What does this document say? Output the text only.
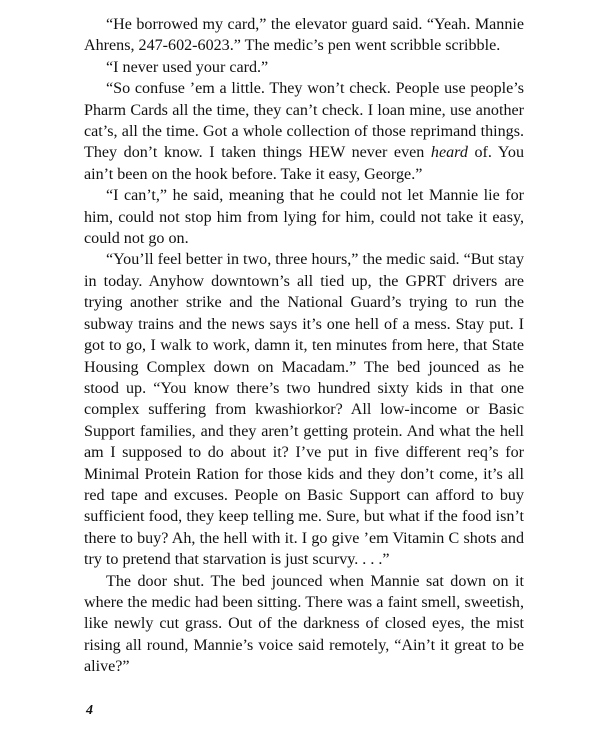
“He borrowed my card,” the elevator guard said. “Yeah. Mannie Ahrens, 247-602-6023.” The medic’s pen went scribble scribble.

“I never used your card.”

“So confuse ’em a little. They won’t check. People use people’s Pharm Cards all the time, they can’t check. I loan mine, use another cat’s, all the time. Got a whole collection of those reprimand things. They don’t know. I taken things HEW never even heard of. You ain’t been on the hook before. Take it easy, George.”

“I can’t,” he said, meaning that he could not let Mannie lie for him, could not stop him from lying for him, could not take it easy, could not go on.

“You’ll feel better in two, three hours,” the medic said. “But stay in today. Anyhow downtown’s all tied up, the GPRT drivers are trying another strike and the National Guard’s trying to run the subway trains and the news says it’s one hell of a mess. Stay put. I got to go, I walk to work, damn it, ten minutes from here, that State Housing Complex down on Macadam.” The bed jounced as he stood up. “You know there’s two hundred sixty kids in that one complex suffering from kwashiorkor? All low-income or Basic Support families, and they aren’t getting protein. And what the hell am I supposed to do about it? I’ve put in five different req’s for Minimal Protein Ration for those kids and they don’t come, it’s all red tape and excuses. People on Basic Support can afford to buy sufficient food, they keep telling me. Sure, but what if the food isn’t there to buy? Ah, the hell with it. I go give ’em Vitamin C shots and try to pretend that starvation is just scurvy. . . .”

The door shut. The bed jounced when Mannie sat down on it where the medic had been sitting. There was a faint smell, sweetish, like newly cut grass. Out of the darkness of closed eyes, the mist rising all round, Mannie’s voice said remotely, “Ain’t it great to be alive?”

4
